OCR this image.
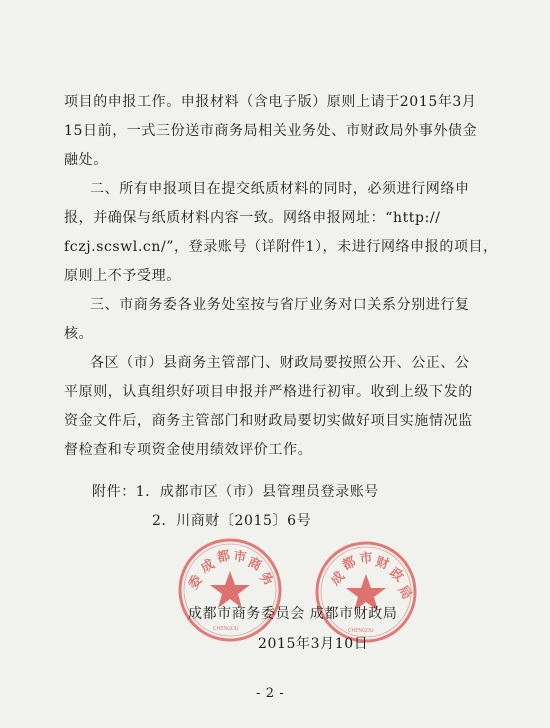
项目的申报工作。申报材料（含电子版）原则上请于2015年3月
15日前，一式三份送市商务局相关业务处、市财政局外事外债金
融处。
二、所有申报项目在提交纸质材料的同时，必须进行网络申
报，并确保与纸质材料内容一致。网络申报网址：“http://
fczj.scswl.cn/”，登录账号（详附件1），未进行网络申报的项目，
原则上不予受理。
三、市商务委各业务处室按与省厅业务对口关系分别进行复
核。
各区（市）县商务主管部门、财政局要按照公开、公正、公
平原则，认真组织好项目申报并严格进行初审。收到上级下发的
资金文件后，商务主管部门和财政局要切实做好项目实施情况监
督检查和专项资金使用绩效评价工作。
附件：1．成都市区（市）县管理员登录账号
2．川商财〔2015〕6号
成
都 市
商
务
委
CHENGDU
成
都 市 财
政
局
CHENGDU
成都市商务委员会 成都市财政局
2015年3月10日
- 2 -
